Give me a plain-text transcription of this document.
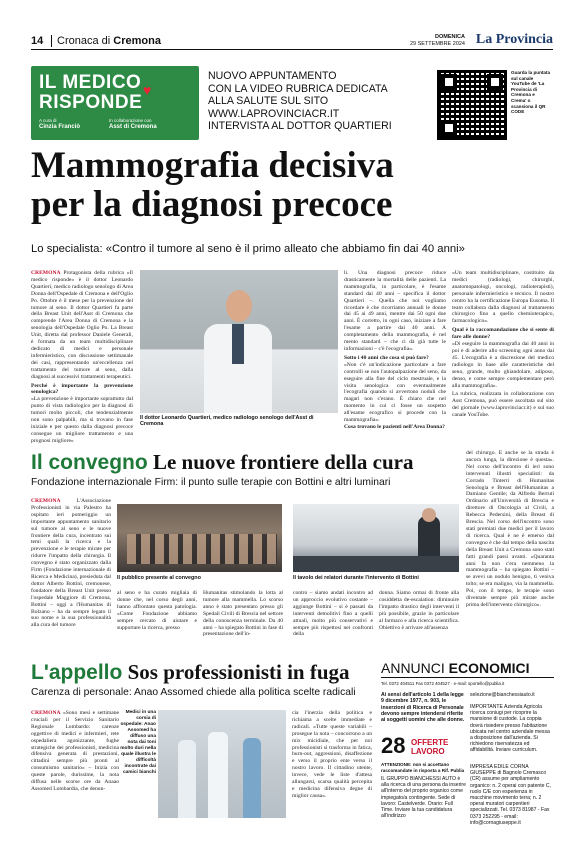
14	Cronaca di Cremona	DOMENICA
29 SETTEMBRE 2024 La Provincia
IL MEDICO
RISPONDE
♥
A cura di
Cinzia Franciò
In collaborazione con
Asst di Cremona
NUOVO APPUNTAMENTO
CON LA VIDEO RUBRICA DEDICATA
ALLA SALUTE SUL SITO
WWW.LAPROVINCIACR.IT
INTERVISTA AL DOTTOR QUARTIERI
Guarda la puntata sul canale YouTube de 'La Provincia di Cremona e Crema' o scansiona il QR CODE
Mammografia decisiva
per la diagnosi precoce
Lo specialista: «Contro il tumore al seno è il primo alleato che abbiamo fin dai 40 anni»
CREMONA Protagonista della rubrica «Il medico risponde» è il dottor Leonardo Quartieri, medico radiologo senologo di Area Donna dell'Ospedale di Cremona e dell'Oglio Po. Ottobre è il mese per la prevenzione del tumore al seno. Il dottor Quartieri fa parte della Breast Unit dell'Asst di Cremona che comprende l'Area Donna di Cremona e la senologia dell'Ospedale Oglio Po. La Breast Unit, diretta dal professor Daniele Generali, è formata da un team multidisciplinare dedicato di medici e personale infermieristico, con discussione settimanale dei casi, rappresentando un'eccellenza nel trattamento del tumore al seno, dalla diagnosi al successivi trattamenti terapeutici.
Perché è importante la prevenzione senologica?
«La prevenzione è importante soprattutto dal punto di vista radiologico per la diagnosi di tumori molto piccoli, che tendenzialmente non sono palpabili, ma si trovano in fase iniziale e per questo dalla diagnosi precoce consegue un migliore trattamento e una prognosi migliore»
Il dottor Leonardo Quartieri, medico radiologo senologo dell'Asst di Cremona
li. Una diagnosi precoce riduce drasticamente la mortalità delle pazienti. La mammografia, in particolare, è l'esame standard dai 40 anni – specifica il dottor Quartieri –. Quella che noi vogliamo ricordare è che ricorriamo annuali le donne dai 45 ai 49 anni, mentre dai 50 ogni due anni. È corretto, in ogni caso, iniziare a fare l'esame a partire dai 40 anni. A completamento della mammografia, è nel mento standard – che ci dà già tutte le informazioni – c'è l'ecografia».
Sotto i 40 anni che cosa si può fare?
«Non c'è un'indicazione particolare a fare controlli se non l'autopalpazione del seno, da eseguire alla fine del ciclo mestruale, e la visita senologica con eventualmente l'ecografia quando si avvertono noduli che magari non c'erano. È chiaro che nel momento in cui ci fosse un sospetto all'esame ecografico si procede con la mammografia».
Cosa trovano le pazienti nell'Area Donna?
«Un team multidisciplinare, costituito da medici (radiologi, chirurghi, anatomopatologi, oncologi, radioterapisti), personale infermieristico e tecnico. Il nostro centro ha la certificazione Europa Eusoma. Il team collabora dalla diagnosi al trattamento chirurgico fino a quello chemioterapico, farmacologico».
Qual è la raccomandazione che si sente di fare alle donne?
«Di eseguire la mammografia dai 40 anni in poi e di aderire allo screening ogni anno dai 45. L'ecografia è a discrezione del medico radiologo in base alle caratteristiche del seno, grande, molto ghiandolare, adiposo, denso, e come sempre complementare però alla mammografia».
La rubrica, realizzata in collaborazione con Asst Cremona, può essere ascoltata sul sito del giornale (www.laprovinciacr.it) e sul suo canale YouTube.
Il convegno Le nuove frontiere della cura
Fondazione internazionale Firm: il punto sulle terapie con Bottini e altri luminari
CREMONA	L'Associazione Professionisti in via Palestro ha ospitato ieri pomeriggio un importante appuntamento sanitario sul tumore al seno e le nuove frontiere della cura, incentrato sui temi quali la ricerca e la prevenzione e le terapie mirate per ridurre l'impatto della chirurgia. Il convegno è stato organizzato dalla Firm (Fondazione internazionale di Ricerca e Medicina), presieduta dal dottor Alberto Bottini, cremonese, fondatore della Breast Unit presso l'ospedale Maggiore di Cremona, Bottini – oggi a l'Humanitas di Bolzano – ha da sempre legato il suo nome e la sua professionalità alla cura del tumore
Il pubblico presente al convegno	Il tavolo dei relatori durante l'intervento di Bottini
al seno e ha curato migliaia di donne che, nel corso degli anni, hanno affrontato questa patologia. «Come Fondazione abbiamo sempre cercato di aiutare e supportare la ricerca, presso
Humanitas stimolando la lotta al tumore alla mammella. Lo scorso anno è stato presentato presso gli Spedali Civili di Brescia nel settore della conoscenza terminale. Da 40 anni – ha spiegato Bottini in fase di presentazione dell'in-
contro – siamo andati incontro ad un approccio evolutivo costante – aggiunge Bottini – si è passati da interventi demolitivi fino a quelli attuali, molto più conservativi e sempre più rispettosi nei confronti della
donna. Siamo ormai di fronte alla cosiddetta de-escalation: diminuire l'impatto drastico degli interventi il più possibile, grazie in particolare al farmaco e alla ricerca scientifica. Obiettivo è arrivare all'assenza
del chirurgo. E anche se la strada è ancora lunga, la direzione è questa». Nel corso dell'incontro di ieri sono intervenuti illustri specialisti: da Corrado Tinterri di Humanitas Senologia e Breast dell'Humanitas a Damiano Gentile; da Alfredo Berruti Ordinario all'Università di Brescia e direttore di Oncologia al Civili, a Rebecca Pedersini, della Breast di Brescia. Nel corso dell'incontro sono stati premiati due medici per il lavoro di ricerca. Qual è ne è emerso dal convegno è che dal tempo della nascita della Breast Unit a Cremona sono stati fatti grandi passi avanti. «Quaranta anni fa non c'era nemmeno la mammografia – ha spiegato Bottini – se avevi un nodulo benigno, ti veniva tolto; se era maligno, via la mammella. Poi, con il tempo, le terapie sono diventate sempre più mirate anche prima dell'intervento chirurgico».
L'appello Sos professionisti in fuga
Carenza di personale: Anao Assomed chiede alla politica scelte radicali
CREMONA «Sono mesi e settimane cruciali per il Servizio Sanitario Regionale Lombardo: carenze oggettive di medici e infermieri, rete ospedaliera agonizzante, fughe strategiche dei professionisti, medicina difensiva generata di prestazioni, cittadini sempre più pronti al consumismo sanitario» – Inizia con queste parole, durissime, la nota diffusa nelle scorse ore da Anaao Assomed Lombardia, che denun-
Medici in una corsia di ospedale: Anao Assomed ha diffuso una nota dai toni molto duri nella quale illustra le difficoltà incontrate dai camici bianchi
cia l'inerzia della politica e richiama a scelte immediate e radicali. «Tutte queste variabili – prosegue la nota – concorrono a un mix micidiale, che per noi professionisti si trasforma in fatica, burn-out, aggressioni, disaffezione e verso il proprio ente verso il nostro lavoro. Il cittadino utente, invece, vede le liste d'attesa allungarsi, scarsa qualità percepita e medicina difensiva degne di miglior causa».
ANNUNCI ECONOMICI
Tel. 0372 404511 Fax 0372 404527 · e-mail: sportello@publia.it
Ai sensi dell'articolo 1 della legge 9 dicembre 1977, n. 903, le inserzioni di Ricerca di Personale devono sempre intendersi riferite ai soggetti uomini che alle donne.
28 OFFERTE LAVORO
ATTENZIONE: non si accettano raccomandate in risposta a Rif. Publia
IL GRUPPO BIANCHESSI AUTO è alla ricerca di una persona da inserire all'interno del proprio organico come impiegato/a contingente. Sede di lavoro: Castelverde. Orario: Full Time. Inviare la tua candidatura all'indirizzo
selezione@bianchessiauto.it
IMPORTANTE Azienda Agricola ricerca coniugi per ricoprire la mansione di custode. La coppia dovrà risiedere presso l'abitazione ubicata nel centro aziendale messa a disposizione dall'azienda. Si richiedono riservatezza ed affidabilità. Inviare curriculum.
IMPRESA EDILE CORNA GIUSEPPE di Bagnolo Cremasco (CR) assume per ampliamento organico: n. 2 operai con patente C, ruolo C/E con esperienza in macchine movimento terra; n. 2 operai muratori carpentieri specializzati. Tel. 0373 81987 - Fax 0373 252295 - email: info@cornagiuseppe.it
